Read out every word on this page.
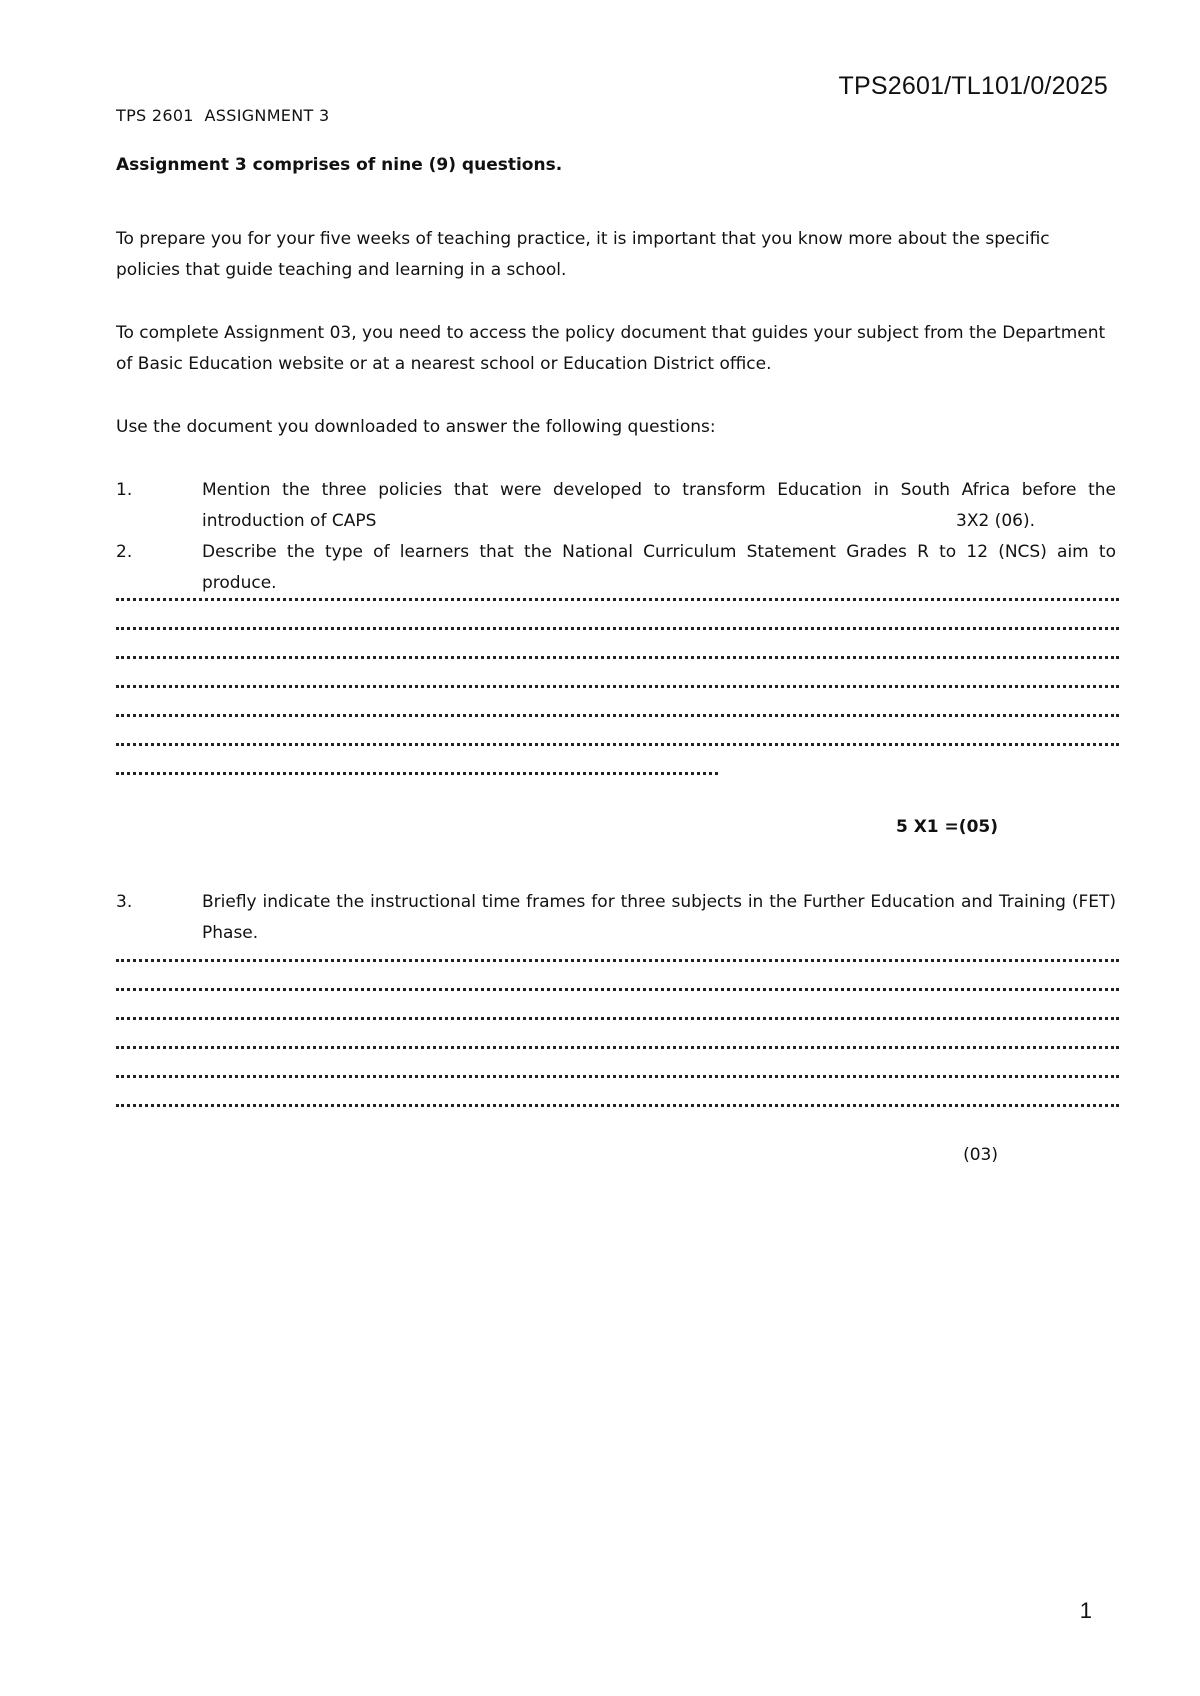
TPS2601/TL101/0/2025
TPS 2601  ASSIGNMENT 3
Assignment 3 comprises of nine (9) questions.

To prepare you for your five weeks of teaching practice, it is important that you know more about the specific policies that guide teaching and learning in a school.

To complete Assignment 03, you need to access the policy document that guides your subject from the Department of Basic Education website or at a nearest school or Education District office.

Use the document you downloaded to answer the following questions:

1.	Mention the three policies that were developed to transform Education in South Africa before the introduction of CAPS	3X2 (06).
2.	Describe the type of learners that the National Curriculum Statement Grades R to 12 (NCS) aim to produce.
5 X1 =(05)
3.	Briefly indicate the instructional time frames for three subjects in the Further Education and Training (FET) Phase.
(03)
1
